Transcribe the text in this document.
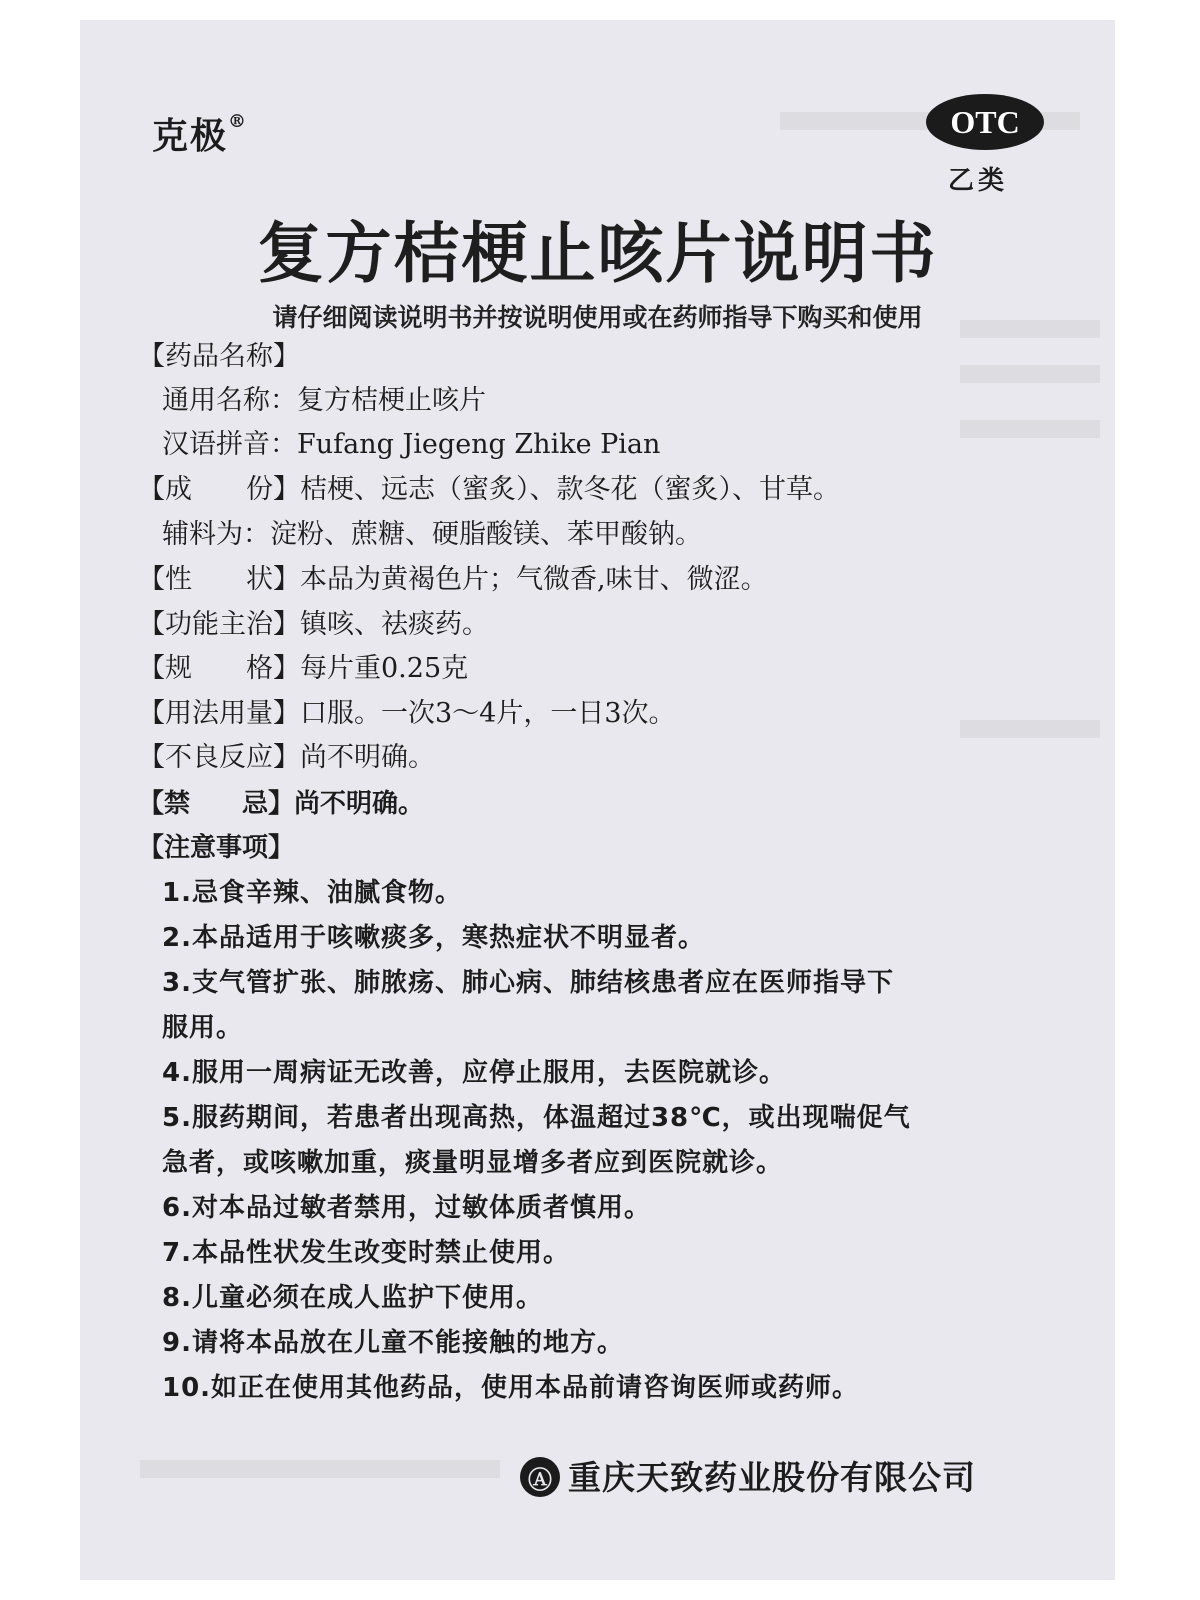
克极®	OTC
乙类
复方桔梗止咳片说明书
请仔细阅读说明书并按说明使用或在药师指导下购买和使用
【药品名称】
通用名称：复方桔梗止咳片
汉语拼音：Fufang Jiegeng Zhike Pian
【成　　份】桔梗、远志（蜜炙）、款冬花（蜜炙）、甘草。
辅料为：淀粉、蔗糖、硬脂酸镁、苯甲酸钠。
【性　　状】本品为黄褐色片；气微香,味甘、微涩。
【功能主治】镇咳、祛痰药。
【规　　格】每片重0.25克
【用法用量】口服。一次3～4片，一日3次。
【不良反应】尚不明确。
【禁　　忌】尚不明确。
【注意事项】
1.忌食辛辣、油腻食物。
2.本品适用于咳嗽痰多，寒热症状不明显者。
3.支气管扩张、肺脓疡、肺心病、肺结核患者应在医师指导下
服用。
4.服用一周病证无改善，应停止服用，去医院就诊。
5.服药期间，若患者出现高热，体温超过38℃，或出现喘促气
急者，或咳嗽加重，痰量明显增多者应到医院就诊。
6.对本品过敏者禁用，过敏体质者慎用。
7.本品性状发生改变时禁止使用。
8.儿童必须在成人监护下使用。
9.请将本品放在儿童不能接触的地方。
10.如正在使用其他药品，使用本品前请咨询医师或药师。
Ⓐ 重庆天致药业股份有限公司
